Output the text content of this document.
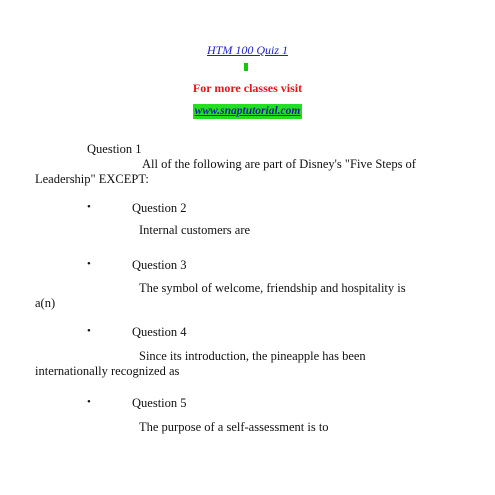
HTM 100 Quiz 1
For more classes visit
www.snaptutorial.com
Question 1
All of the following are part of Disney's "Five Steps of
Leadership" EXCEPT:
•	Question 2
Internal customers are
•	Question 3
The symbol of welcome, friendship and hospitality is
a(n)
•	Question 4
Since its introduction, the pineapple has been
internationally recognized as
•	Question 5
The purpose of a self-assessment is to
